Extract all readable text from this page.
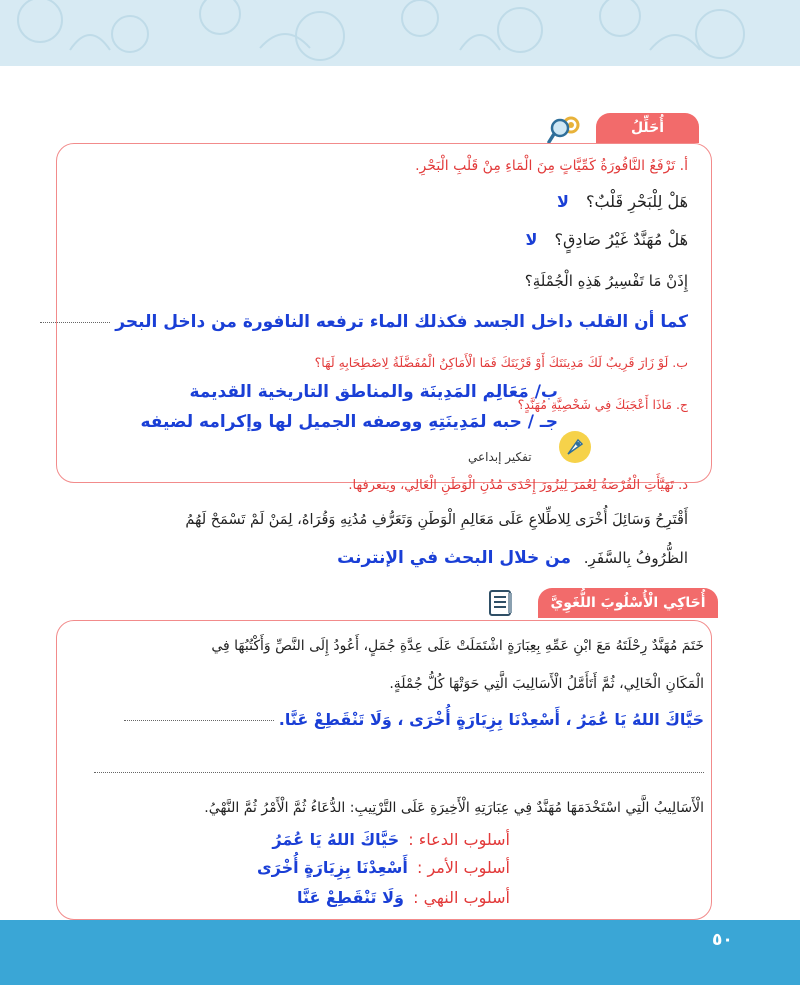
أُحَلِّلُ
أ. تَرْفَعُ النَّافُورَةُ كَمِّيَّاتٍ مِنَ الْمَاءِ مِنْ قَلْبِ الْبَحْرِ.
هَلْ لِلْبَحْرِ قَلْبٌ؟ لا
هَلْ مُهَنَّدٌ غَيْرُ صَادِقٍ؟ لا
إِذَنْ مَا تَفْسِيرُ هَذِهِ الْجُمْلَةِ؟
كما أن القلب داخل الجسد فكذلك الماء ترفعه النافورة من داخل البحر
ب. لَوْ زَارَ قَرِيبٌ لَكَ مَدِينَتَكَ أَوْ قَرْيَتَكَ فَمَا الْأَمَاكِنُ الْمُفَضَّلَةُ لِاصْطِحَابِهِ لَهَا؟
ب/ مَعَالِم المَدِينَة والمناطق التاريخية القديمة
ج. مَاذَا أَعْجَبَكَ فِي شَخْصِيَّةِ مُهَنَّدٍ؟
جـ / حبه لمَدِينَتِهِ ووصفه الجميل لها وإكرامه لضيفه
تفكير إبداعي
د. تَهَيَّأَتِ الْفُرْصَةُ لِعُمَرَ لِيَزُورَ إِحْدَى مُدُنِ الْوَطَنِ الْغَالِي، ويتعرفها.
أَقْتَرِحُ وَسَائِلَ أُخْرَى لِلاطِّلاعِ عَلَى مَعَالِمِ الْوَطَنِ وَتَعَرُّفِ مُدُنِهِ وَقُرَاهُ، لِمَنْ لَمْ تَسْمَحْ لَهُمُ
الظُّرُوفُ بِالسَّفَرِ. من خلال البحث في الإنترنت
أُحَاكِي الْأُسْلُوبَ اللُّغَوِيَّ
خَتَمَ مُهَنَّدٌ رِحْلَتَهُ مَعَ ابْنِ عَمِّهِ بِعِبَارَةٍ اشْتَمَلَتْ عَلَى عِدَّةِ جُمَلٍ، أَعُودُ إِلَى النَّصِّ وَأَكْتُبُهَا فِي
الْمَكَانِ الْخَالِي، ثُمَّ أَتَأَمَّلُ الْأَسَالِيبَ الَّتِي حَوَتْهَا كُلُّ جُمْلَةٍ.
حَيَّاكَ اللهُ يَا عُمَرُ ، أَسْعِدْنَا بِزِيَارَةٍ أُخْرَى ، وَلَا تَنْقَطِعْ عَنَّا.
الْأَسَالِيبُ الَّتِي اسْتَخْدَمَهَا مُهَنَّدٌ فِي عِبَارَتِهِ الْأَخِيرَةِ عَلَى التَّرْتِيبِ: الدُّعَاءُ ثُمَّ الْأَمْرُ ثُمَّ النَّهْيُ.
أسلوب الدعاء : حَيَّاكَ اللهُ يَا عُمَرُ
أسلوب الأمر : أَسْعِدْنَا بِزِيَارَةٍ أُخْرَى
أسلوب النهي : وَلَا تَنْقَطِعْ عَنَّا
٥٠
